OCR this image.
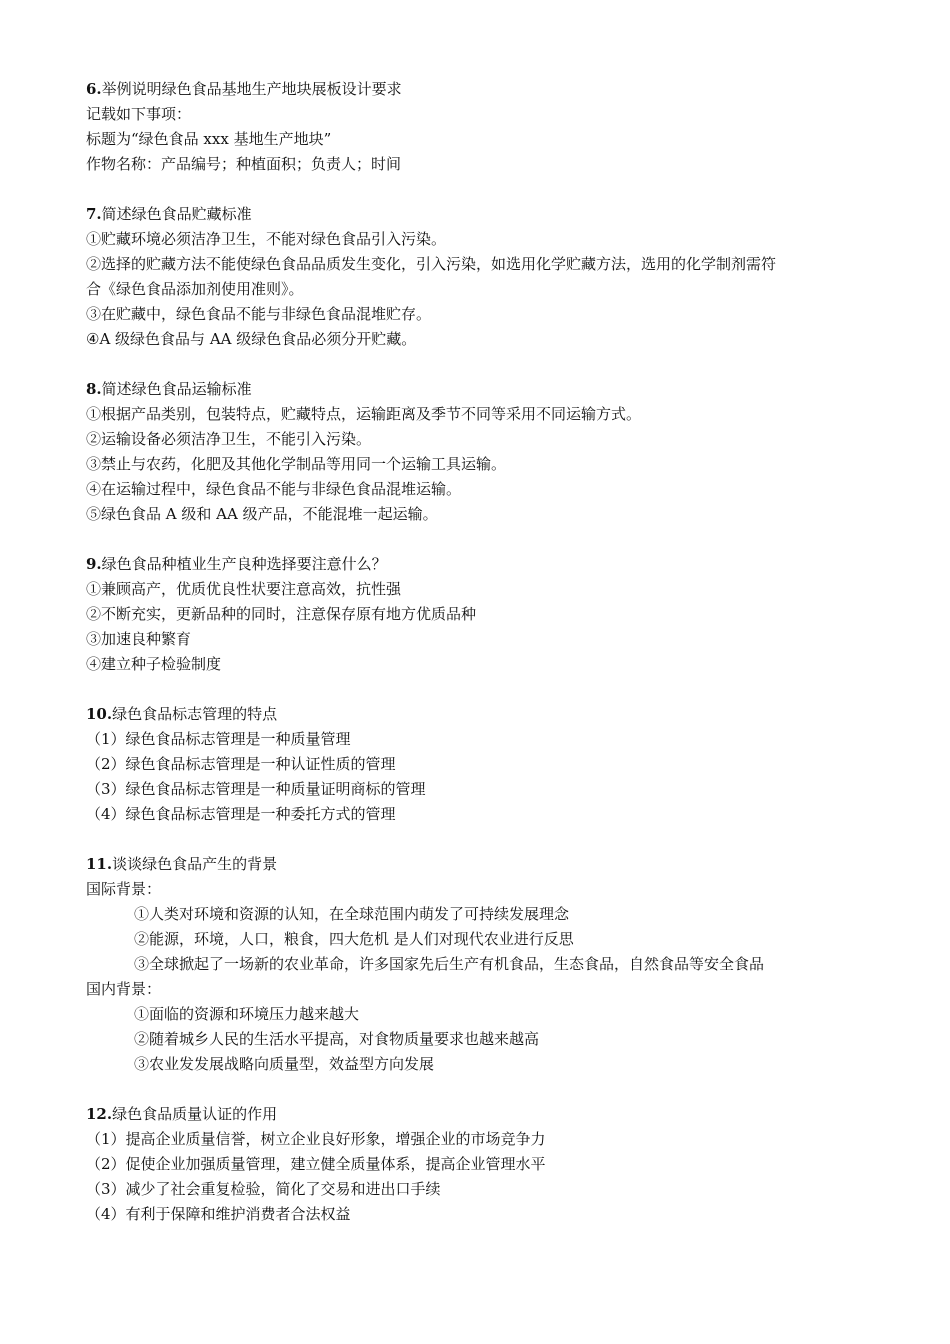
6.举例说明绿色食品基地生产地块展板设计要求
记载如下事项：
标题为“绿色食品 xxx 基地生产地块”
作物名称：产品编号；种植面积；负责人；时间
7.简述绿色食品贮藏标准
①贮藏环境必须洁净卫生，不能对绿色食品引入污染。
②选择的贮藏方法不能使绿色食品品质发生变化，引入污染，如选用化学贮藏方法，选用的化学制剂需符
合《绿色食品添加剂使用准则》。
③在贮藏中，绿色食品不能与非绿色食品混堆贮存。
④A 级绿色食品与 AA 级绿色食品必须分开贮藏。
8.简述绿色食品运输标准
①根据产品类别，包装特点，贮藏特点，运输距离及季节不同等采用不同运输方式。
②运输设备必须洁净卫生，不能引入污染。
③禁止与农药，化肥及其他化学制品等用同一个运输工具运输。
④在运输过程中，绿色食品不能与非绿色食品混堆运输。
⑤绿色食品 A 级和 AA 级产品，不能混堆一起运输。
9.绿色食品种植业生产良种选择要注意什么？
①兼顾高产，优质优良性状要注意高效，抗性强
②不断充实，更新品种的同时，注意保存原有地方优质品种
③加速良种繁育
④建立种子检验制度
10.绿色食品标志管理的特点
（1）绿色食品标志管理是一种质量管理
（2）绿色食品标志管理是一种认证性质的管理
（3）绿色食品标志管理是一种质量证明商标的管理
（4）绿色食品标志管理是一种委托方式的管理
11.谈谈绿色食品产生的背景
国际背景：
①人类对环境和资源的认知，在全球范围内萌发了可持续发展理念
②能源，环境，人口，粮食，四大危机 是人们对现代农业进行反思
③全球掀起了一场新的农业革命，许多国家先后生产有机食品，生态食品，自然食品等安全食品
国内背景：
①面临的资源和环境压力越来越大
②随着城乡人民的生活水平提高，对食物质量要求也越来越高
③农业发发展战略向质量型，效益型方向发展
12.绿色食品质量认证的作用
（1）提高企业质量信誉，树立企业良好形象，增强企业的市场竞争力
（2）促使企业加强质量管理，建立健全质量体系，提高企业管理水平
（3）减少了社会重复检验，简化了交易和进出口手续
（4）有利于保障和维护消费者合法权益
